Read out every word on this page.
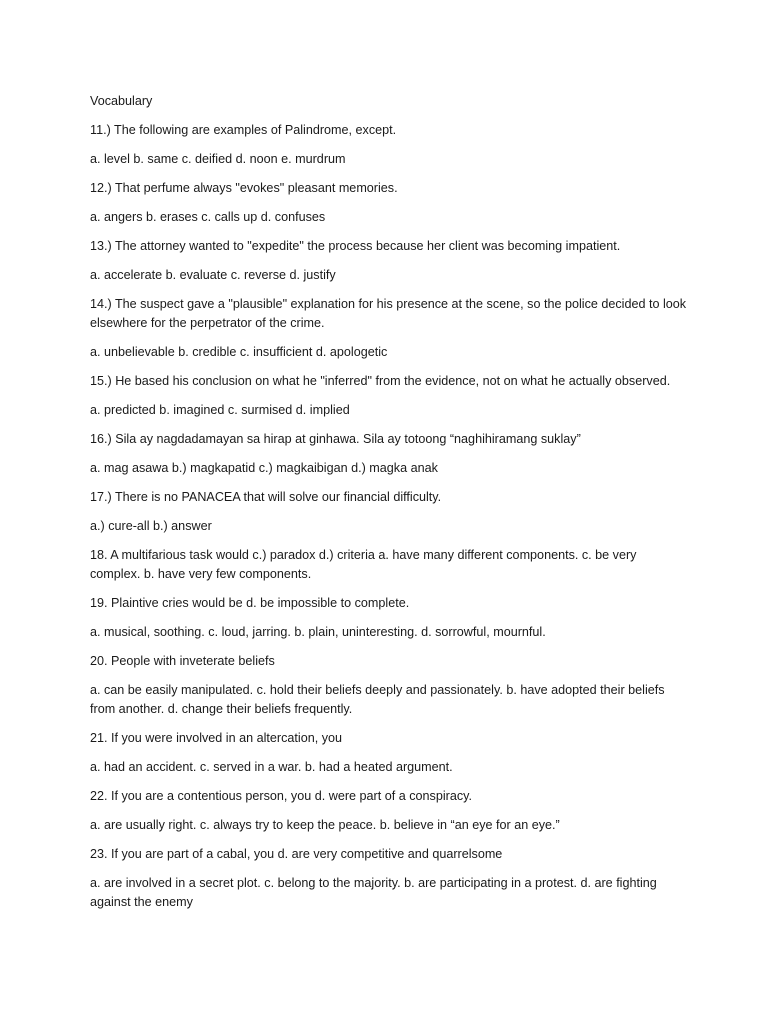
Vocabulary

11.) The following are examples of Palindrome, except.

a. level b. same c. deified d. noon e. murdrum

12.) That perfume always "evokes" pleasant memories.

a. angers b. erases c. calls up d. confuses

13.) The attorney wanted to "expedite" the process because her client was becoming impatient.

a. accelerate b. evaluate c. reverse d. justify

14.) The suspect gave a "plausible" explanation for his presence at the scene, so the police decided to look elsewhere for the perpetrator of the crime.

a. unbelievable b. credible c. insufficient d. apologetic

15.) He based his conclusion on what he "inferred" from the evidence, not on what he actually observed.

a. predicted b. imagined c. surmised d. implied

16.) Sila ay nagdadamayan sa hirap at ginhawa. Sila ay totoong “naghihiramang suklay”

a. mag asawa b.) magkapatid c.) magkaibigan d.) magka anak

17.) There is no PANACEA that will solve our financial difficulty.

a.) cure-all b.) answer

18. A multifarious task would c.) paradox d.) criteria a. have many different components. c. be very complex. b. have very few components.

19. Plaintive cries would be d. be impossible to complete.

a. musical, soothing. c. loud, jarring. b. plain, uninteresting. d. sorrowful, mournful.

20. People with inveterate beliefs

a. can be easily manipulated. c. hold their beliefs deeply and passionately. b. have adopted their beliefs from another. d. change their beliefs frequently.

21. If you were involved in an altercation, you

a. had an accident. c. served in a war. b. had a heated argument.

22. If you are a contentious person, you d. were part of a conspiracy.

a. are usually right. c. always try to keep the peace. b. believe in “an eye for an eye.”

23. If you are part of a cabal, you d. are very competitive and quarrelsome

a. are involved in a secret plot. c. belong to the majority. b. are participating in a protest. d. are fighting against the enemy
